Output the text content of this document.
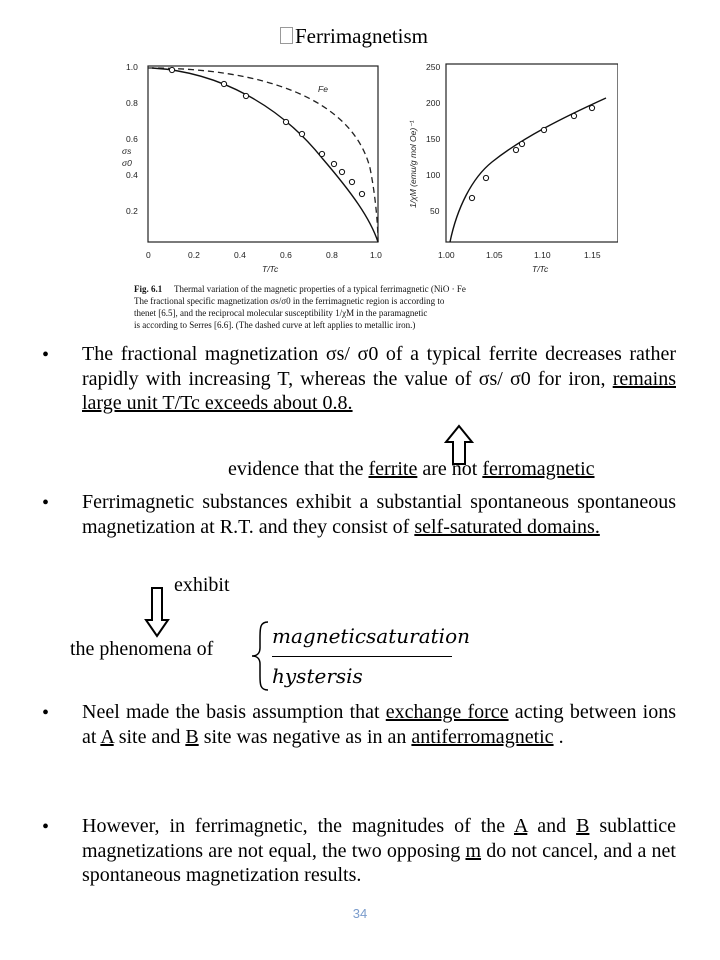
Ferrimagnetism
1.0
0.8
0.6
0.4
0.2
0	0.2	0.4	0.6	0.8	1.0
T/Tc
σs
σ0
Fe
250
200
150
100
50
1.00	1.05	1.10	1.15
T/Tc
1/χM (emu/g mol Oe)⁻¹
Fig. 6.1 Thermal variation of the magnetic properties of a typical ferrimagnetic (NiO · Fe
The fractional specific magnetization σs/σ0 in the ferrimagnetic region is according to
thenet [6.5], and the reciprocal molecular susceptibility 1/χM in the paramagnetic
is according to Serres [6.6]. (The dashed curve at left applies to metallic iron.)
• The fractional magnetization σs/ σ0 of a typical ferrite decreases rather rapidly with increasing T, whereas the value of σs/ σ0 for iron, remains large unit T/Tc exceeds about 0.8.
evidence that the ferrite are not ferromagnetic
• Ferrimagnetic substances exhibit a substantial spontaneous spontaneous magnetization at R.T. and they consist of self-saturated domains.
exhibit
the phenomena of
magneticsaturation
hystersis
• Neel made the basis assumption that exchange force acting between ions at A site and B site was negative as in an antiferromagnetic .
• However, in ferrimagnetic, the magnitudes of the A and B sublattice magnetizations are not equal, the two opposing m do not cancel, and a net spontaneous magnetization results.
34
